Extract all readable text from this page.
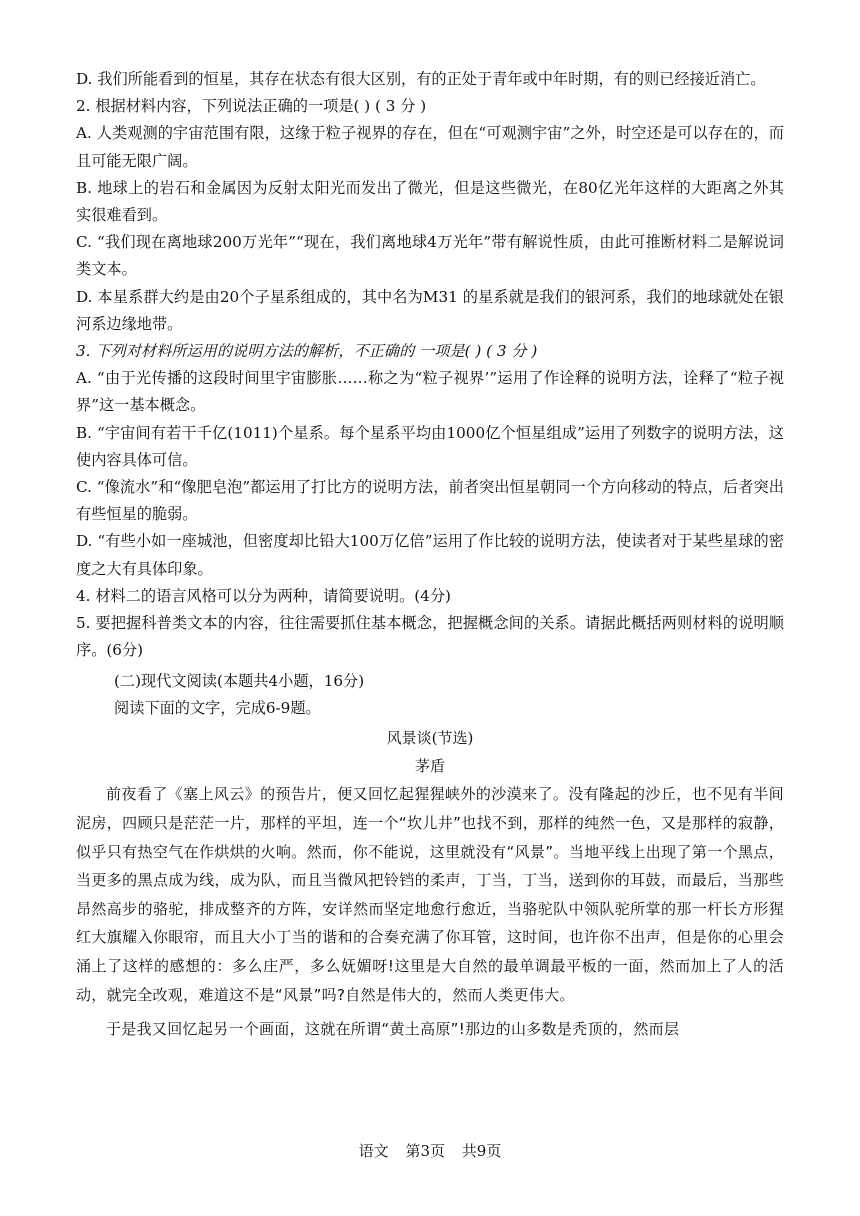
D. 我们所能看到的恒星，其存在状态有很大区别，有的正处于青年或中年时期，有的则已经接近消亡。

2. 根据材料内容，下列说法正确的一项是( ) ( 3 分 )

A. 人类观测的宇宙范围有限，这缘于粒子视界的存在，但在“可观测宇宙”之外，时空还是可以存在的，而且可能无限广阔。

B. 地球上的岩石和金属因为反射太阳光而发出了微光，但是这些微光，在80亿光年这样的大距离之外其实很难看到。

C. “我们现在离地球200万光年”“现在，我们离地球4万光年”带有解说性质，由此可推断材料二是解说词类文本。

D. 本星系群大约是由20个子星系组成的，其中名为M31 的星系就是我们的银河系，我们的地球就处在银河系边缘地带。

3. 下列对材料所运用的说明方法的解析，不正确的 一项是( ) ( 3 分 )

A. “由于光传播的这段时间里宇宙膨胀……称之为“粒子视界’”运用了作诠释的说明方法，诠释了“粒子视界”这一基本概念。

B. “宇宙间有若干千亿(1011)个星系。每个星系平均由1000亿个恒星组成”运用了列数字的说明方法，这使内容具体可信。

C. “像流水”和“像肥皂泡”都运用了打比方的说明方法，前者突出恒星朝同一个方向移动的特点，后者突出有些恒星的脆弱。

D. “有些小如一座城池，但密度却比铅大100万亿倍”运用了作比较的说明方法，使读者对于某些星球的密度之大有具体印象。

4. 材料二的语言风格可以分为两种，请简要说明。(4分)

5. 要把握科普类文本的内容，往往需要抓住基本概念，把握概念间的关系。请据此概括两则材料的说明顺序。(6分)

(二)现代文阅读(本题共4小题，16分)

阅读下面的文字，完成6-9题。

风景谈(节选)

茅盾

前夜看了《塞上风云》的预告片，便又回忆起猩猩峡外的沙漠来了。没有隆起的沙丘，也不见有半间泥房，四顾只是茫茫一片，那样的平坦，连一个“坎儿井”也找不到，那样的纯然一色，又是那样的寂静，似乎只有热空气在作烘烘的火响。然而，你不能说，这里就没有“风景”。当地平线上出现了第一个黑点，当更多的黑点成为线，成为队，而且当微风把铃铛的柔声，丁当，丁当，送到你的耳鼓，而最后，当那些昂然高步的骆驼，排成整齐的方阵，安详然而坚定地愈行愈近，当骆驼队中领队驼所掌的那一杆长方形猩红大旗耀入你眼帘，而且大小丁当的谐和的合奏充满了你耳管，这时间，也许你不出声，但是你的心里会涌上了这样的感想的：多么庄严，多么妩媚呀!这里是大自然的最单调最平板的一面，然而加上了人的活动，就完全改观，难道这不是“风景”吗?自然是伟大的，然而人类更伟大。

于是我又回忆起另一个画面，这就在所谓“黄土高原”!那边的山多数是秃顶的，然而层

语文 第3页 共9页
